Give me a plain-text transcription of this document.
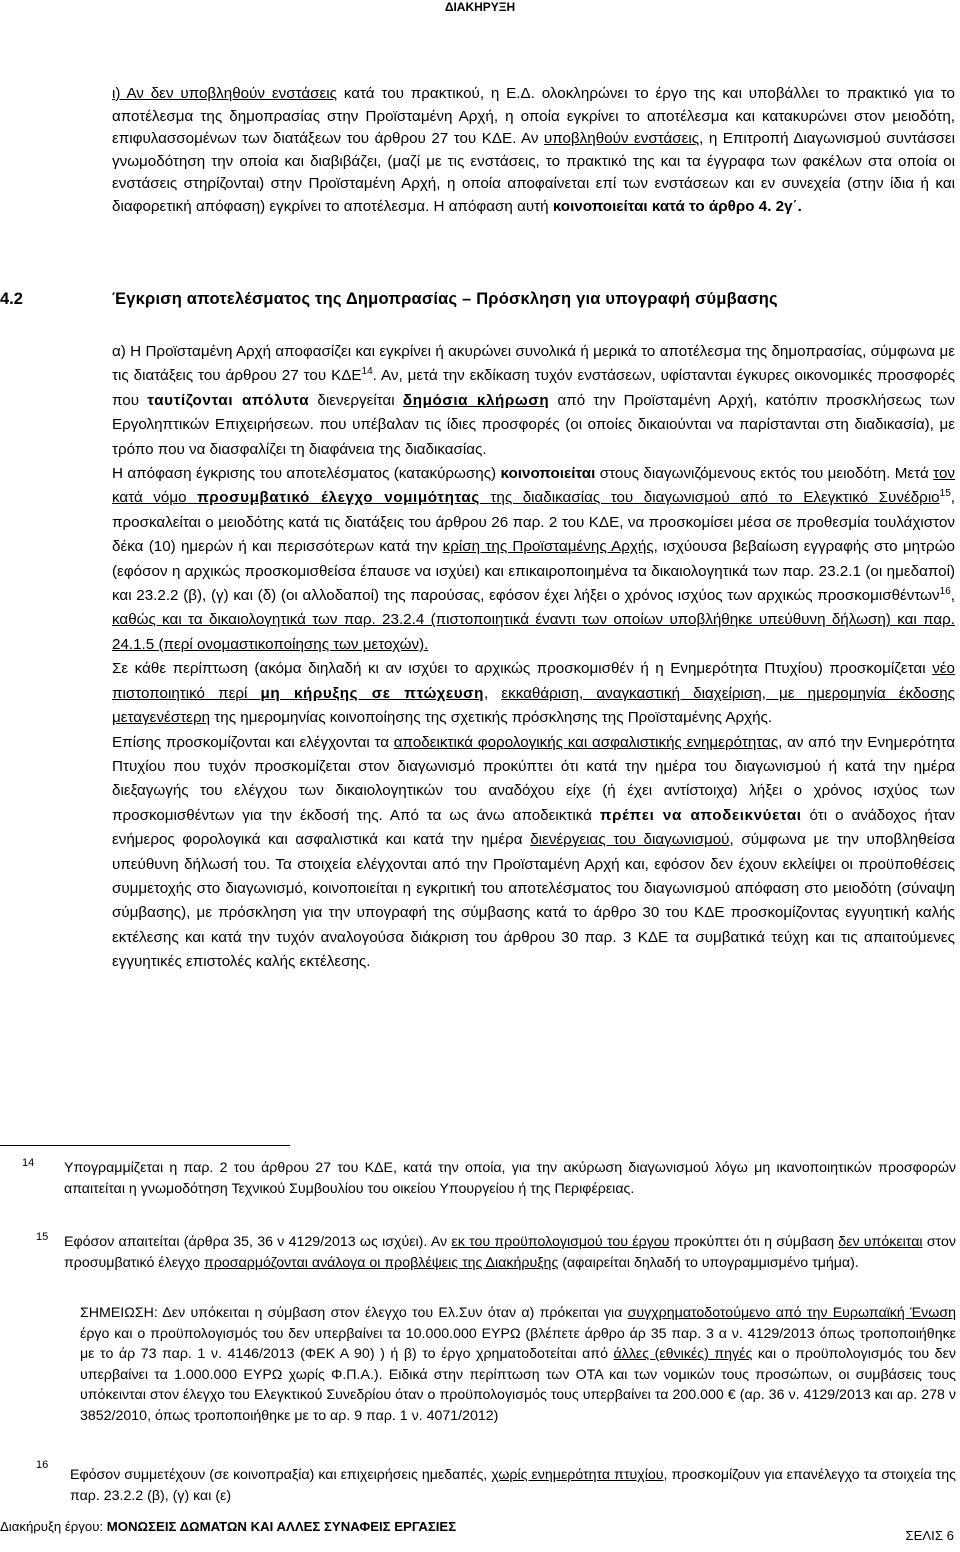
ΔΙΑΚΗΡΥΞΗ
ι) Αν δεν υποβληθούν ενστάσεις κατά του πρακτικού, η Ε.Δ. ολοκληρώνει το έργο της και υποβάλλει το πρακτικό για το αποτέλεσμα της δημοπρασίας στην Προϊσταμένη Αρχή, η οποία εγκρίνει το αποτέλεσμα και κατακυρώνει στον μειοδότη, επιφυλασσομένων των διατάξεων του άρθρου 27 του ΚΔΕ. Αν υποβληθούν ενστάσεις, η Επιτροπή Διαγωνισμού συντάσσει γνωμοδότηση την οποία και διαβιβάζει, (μαζί με τις ενστάσεις, το πρακτικό της και τα έγγραφα των φακέλων στα οποία οι ενστάσεις στηρίζονται) στην Προϊσταμένη Αρχή, η οποία αποφαίνεται επί των ενστάσεων και εν συνεχεία (στην ίδια ή και διαφορετική απόφαση) εγκρίνει το αποτέλεσμα. Η απόφαση αυτή κοινοποιείται κατά το άρθρο 4. 2γ΄.
4.2	Έγκριση αποτελέσματος της Δημοπρασίας – Πρόσκληση για υπογραφή σύμβασης
α) Η Προϊσταμένη Αρχή αποφασίζει και εγκρίνει ή ακυρώνει συνολικά ή μερικά το αποτέλεσμα της δημοπρασίας, σύμφωνα με τις διατάξεις του άρθρου 27 του ΚΔΕ$^{14}$. Αν, μετά την εκδίκαση τυχόν ενστάσεων, υφίστανται έγκυρες οικονομικές προσφορές που ταυτίζονται απόλυτα διενεργείται δημόσια κλήρωση από την Προϊσταμένη Αρχή, κατόπιν προσκλήσεως των Εργοληπτικών Επιχειρήσεων. που υπέβαλαν τις ίδιες προσφορές (οι οποίες δικαιούνται να παρίστανται στη διαδικασία), με τρόπο που να διασφαλίζει τη διαφάνεια της διαδικασίας.
Η απόφαση έγκρισης του αποτελέσματος (κατακύρωσης) κοινοποιείται στους διαγωνιζόμενους εκτός του μειοδότη. Μετά τον κατά νόμο προσυμβατικό έλεγχο νομιμότητας της διαδικασίας του διαγωνισμού από το Ελεγκτικό Συνέδριο$^{15}$, προσκαλείται ο μειοδότης κατά τις διατάξεις του άρθρου 26 παρ. 2 του ΚΔΕ, να προσκομίσει μέσα σε προθεσμία τουλάχιστον δέκα (10) ημερών ή και περισσότερων κατά την κρίση της Προϊσταμένης Αρχής, ισχύουσα βεβαίωση εγγραφής στο μητρώο (εφόσον η αρχικώς προσκομισθείσα έπαυσε να ισχύει) και επικαιροποιημένα τα δικαιολογητικά των παρ. 23.2.1 (οι ημεδαποί) και 23.2.2 (β), (γ) και (δ) (οι αλλοδαποί) της παρούσας, εφόσον έχει λήξει ο χρόνος ισχύος των αρχικώς προσκομισθέντων$^{16}$, καθώς και τα δικαιολογητικά των παρ. 23.2.4 (πιστοποιητικά έναντι των οποίων υποβλήθηκε υπεύθυνη δήλωση) και παρ. 24.1.5 (περί ονομαστικοποίησης των μετοχών).
Σε κάθε περίπτωση (ακόμα διηλαδή κι αν ισχύει το αρχικώς προσκομισθέν ή η Ενημερότητα Πτυχίου) προσκομίζεται νέο πιστοποιητικό περί μη κήρυξης σε πτώχευση, εκκαθάριση, αναγκαστική διαχείριση, με ημερομηνία έκδοσης μεταγενέστερη της ημερομηνίας κοινοποίησης της σχετικής πρόσκλησης της Προϊσταμένης Αρχής.
Επίσης προσκομίζονται και ελέγχονται τα αποδεικτικά φορολογικής και ασφαλιστικής ενημερότητας, αν από την Ενημερότητα Πτυχίου που τυχόν προσκομίζεται στον διαγωνισμό προκύπτει ότι κατά την ημέρα του διαγωνισμού ή κατά την ημέρα διεξαγωγής του ελέγχου των δικαιολογητικών του αναδόχου είχε (ή έχει αντίστοιχα) λήξει ο χρόνος ισχύος των προσκομισθέντων για την έκδοσή της. Από τα ως άνω αποδεικτικά πρέπει να αποδεικνύεται ότι ο ανάδοχος ήταν ενήμερος φορολογικά και ασφαλιστικά και κατά την ημέρα διενέργειας του διαγωνισμού, σύμφωνα με την υποβληθείσα υπεύθυνη δήλωσή του. Τα στοιχεία ελέγχονται από την Προϊσταμένη Αρχή και, εφόσον δεν έχουν εκλείψει οι προϋποθέσεις συμμετοχής στο διαγωνισμό, κοινοποιείται η εγκριτική του αποτελέσματος του διαγωνισμού απόφαση στο μειοδότη (σύναψη σύμβασης), με πρόσκληση για την υπογραφή της σύμβασης κατά το άρθρο 30 του ΚΔΕ προσκομίζοντας εγγυητική καλής εκτέλεσης και κατά την τυχόν αναλογούσα διάκριση του άρθρου 30 παρ. 3 ΚΔΕ τα συμβατικά τεύχη και τις απαιτούμενες εγγυητικές επιστολές καλής εκτέλεσης.
14 Υπογραμμίζεται η παρ. 2 του άρθρου 27 του ΚΔΕ, κατά την οποία, για την ακύρωση διαγωνισμού λόγω μη ικανοποιητικών προσφορών απαιτείται η γνωμοδότηση Τεχνικού Συμβουλίου του οικείου Υπουργείου ή της Περιφέρειας.
15 Εφόσον απαιτείται (άρθρα 35, 36 ν 4129/2013 ως ισχύει). Αν εκ του προϋπολογισμού του έργου προκύπτει ότι η σύμβαση δεν υπόκειται στον προσυμβατικό έλεγχο προσαρμόζονται ανάλογα οι προβλέψεις της Διακήρυξης (αφαιρείται δηλαδή το υπογραμμισμένο τμήμα).
ΣΗΜΕΙΩΣΗ: Δεν υπόκειται η σύμβαση στον έλεγχο του Ελ.Συν όταν α) πρόκειται για συγχρηματοδοτούμενο από την Ευρωπαϊκή Ένωση έργο και ο προϋπολογισμός του δεν υπερβαίνει τα 10.000.000 ΕΥΡΩ (βλέπετε άρθρο άρ 35 παρ. 3 α ν. 4129/2013 όπως τροποποιήθηκε με το άρ 73 παρ. 1 ν. 4146/2013 (ΦΕΚ Α 90) ) ή β) το έργο χρηματοδοτείται από άλλες (εθνικές) πηγές και ο προϋπολογισμός του δεν υπερβαίνει τα 1.000.000 ΕΥΡΩ χωρίς Φ.Π.Α.). Ειδικά στην περίπτωση των ΟΤΑ και των νομικών τους προσώπων, οι συμβάσεις τους υπόκεινται στον έλεγχο του Ελεγκτικού Συνεδρίου όταν ο προϋπολογισμός τους υπερβαίνει τα 200.000 € (αρ. 36 ν. 4129/2013 και αρ. 278 ν 3852/2010, όπως τροποποιήθηκε με το αρ. 9 παρ. 1 ν. 4071/2012)
16
Εφόσον συμμετέχουν (σε κοινοπραξία) και επιχειρήσεις ημεδαπές, χωρίς ενημερότητα πτυχίου, προσκομίζουν για επανέλεγχο τα στοιχεία της παρ. 23.2.2 (β), (γ) και (ε)
Διακήρυξη έργου: ΜΟΝΩΣΕΙΣ ΔΩΜΑΤΩΝ ΚΑΙ ΑΛΛΕΣ ΣΥΝΑΦΕΙΣ ΕΡΓΑΣΙΕΣ
ΣΕΛΙΣ 6
